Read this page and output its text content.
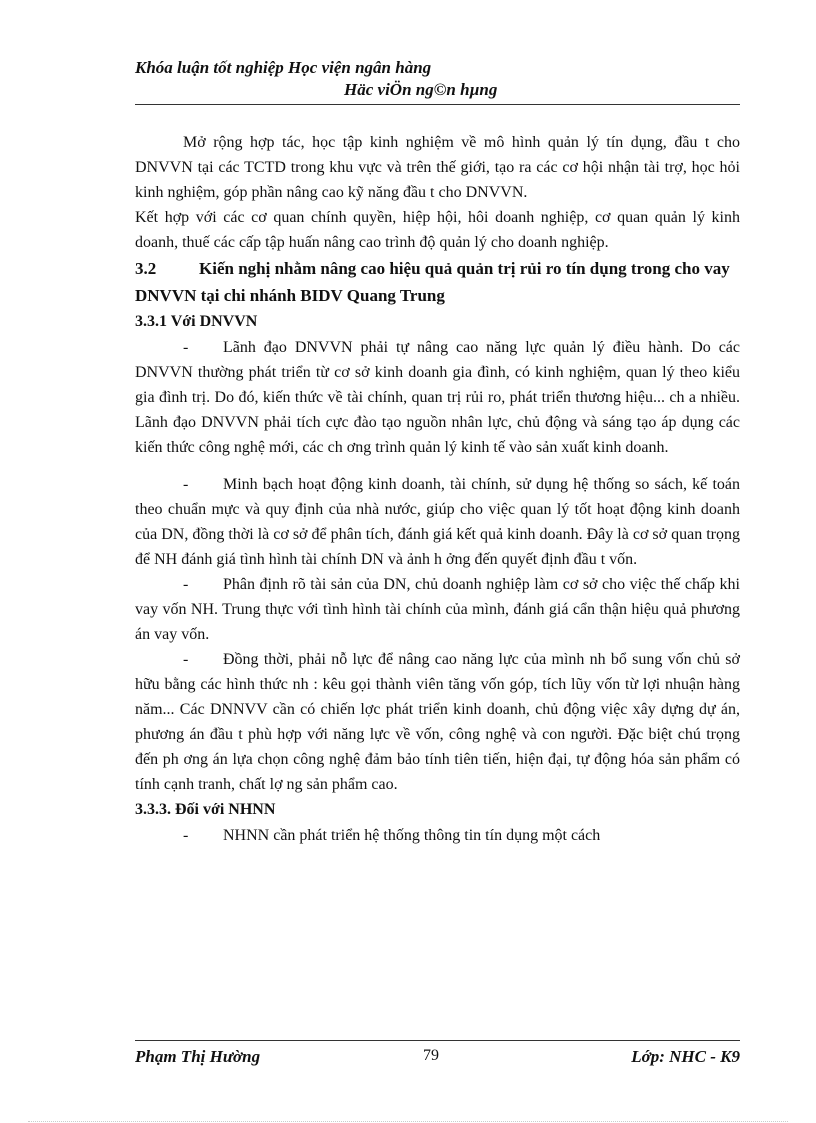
Khóa luận tốt nghiệp Học viện ngân hàng
Häc viÖn ng©n hµng

Mở rộng hợp tác, học tập kinh nghiệm về mô hình quản lý tín dụng, đầu t cho DNVVN tại các TCTD trong khu vực và trên thế giới, tạo ra các cơ hội nhận tài trợ, học hỏi kinh nghiệm, góp phần nâng cao kỹ năng đầu t cho DNVVN.

Kết hợp với các cơ quan chính quyền, hiệp hội, hôi doanh nghiệp, cơ quan quản lý kinh doanh, thuế các cấp tập huấn nâng cao trình độ quản lý cho doanh nghiệp.

3.2	Kiến nghị nhằm nâng cao hiệu quả quản trị rủi ro tín dụng trong cho vay DNVVN tại chi nhánh BIDV Quang Trung
3.3.1 Với DNVVN

- Lãnh đạo DNVVN phải tự nâng cao năng lực quản lý điều hành. Do các DNVVN thường phát triển từ cơ sở kinh doanh gia đình, có kinh nghiệm, quan lý theo kiểu gia đình trị. Do đó, kiến thức về tài chính, quan trị rủi ro, phát triển thương hiệu... ch a nhiều. Lãnh đạo DNVVN phải tích cực đào tạo nguồn nhân lực, chủ động và sáng tạo áp dụng các kiến thức công nghệ mới, các ch ơng trình quản lý kinh tế vào sản xuất kinh doanh.

- Minh bạch hoạt động kinh doanh, tài chính, sử dụng hệ thống so sách, kế toán theo chuẩn mực và quy định của nhà nước, giúp cho việc quan lý tốt hoạt động kinh doanh của DN, đồng thời là cơ sở để phân tích, đánh giá kết quả kinh doanh. Đây là cơ sở quan trọng để NH đánh giá tình hình tài chính DN và ảnh h ởng đến quyết định đầu t vốn.

- Phân định rõ tài sản của DN, chủ doanh nghiệp làm cơ sở cho việc thế chấp khi vay vốn NH. Trung thực với tình hình tài chính của mình, đánh giá cẩn thận hiệu quả phương án vay vốn.

- Đồng thời, phải nỗ lực để nâng cao năng lực của mình nh bổ sung vốn chủ sở hữu bằng các hình thức nh : kêu gọi thành viên tăng vốn góp, tích lũy vốn từ lợi nhuận hàng năm... Các DNNVV cần có chiến lợc phát triển kinh doanh, chủ động việc xây dựng dự án, phương án đầu t phù hợp với năng lực về vốn, công nghệ và con người. Đặc biệt chú trọng đến ph ơng án lựa chọn công nghệ đảm bảo tính tiên tiến, hiện đại, tự động hóa sản phẩm có tính cạnh tranh, chất lợ ng sản phẩm cao.

3.3.3. Đối với NHNN

- NHNN cần phát triển hệ thống thông tin tín dụng một cách

Phạm Thị Hường	79	Lớp: NHC - K9
